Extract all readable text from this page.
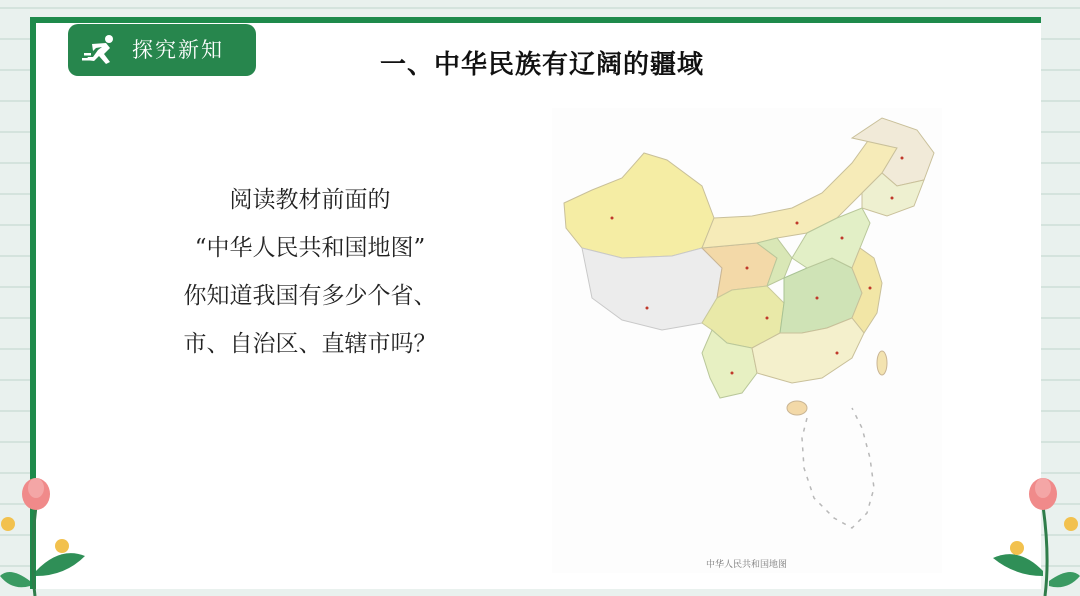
探究新知	一、中华民族有辽阔的疆域
阅读教材前面的
“中华人民共和国地图”
你知道我国有多少个省、
市、自治区、直辖市吗？
中华人民共和国地图
